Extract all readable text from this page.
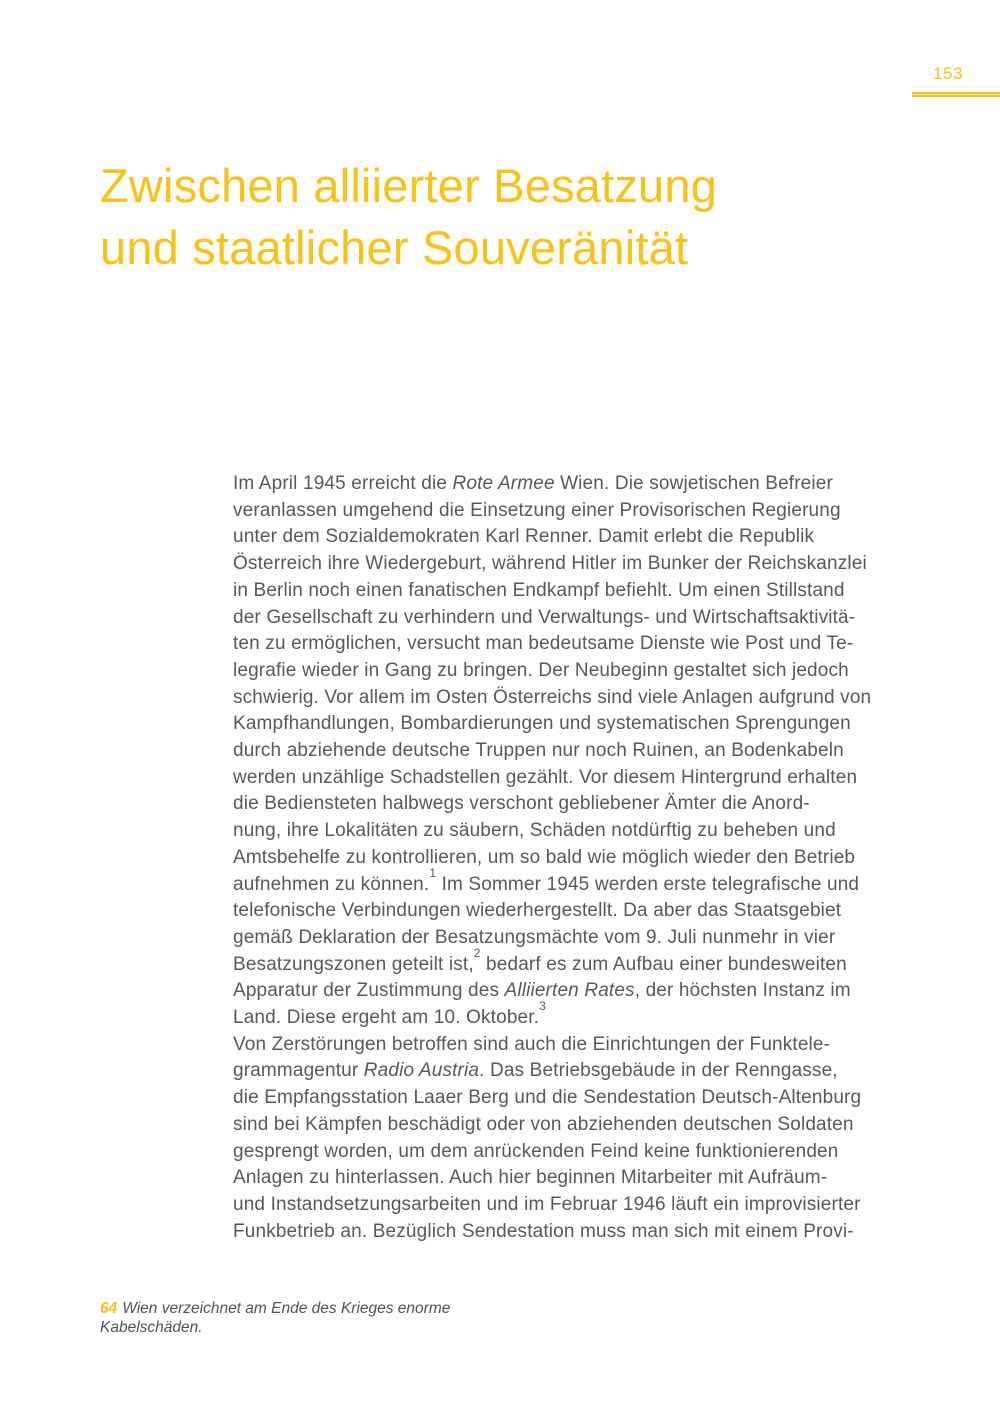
153
Zwischen alliierter Besatzung
und staatlicher Souveränität
Im April 1945 erreicht die Rote Armee Wien. Die sowjetischen Befreier
veranlassen umgehend die Einsetzung einer Provisorischen Regierung
unter dem Sozialdemokraten Karl Renner. Damit erlebt die Republik
Österreich ihre Wiedergeburt, während Hitler im Bunker der Reichskanzlei
in Berlin noch einen fanatischen Endkampf befiehlt. Um einen Stillstand
der Gesellschaft zu verhindern und Verwaltungs- und Wirtschaftsaktivitä-
ten zu ermöglichen, versucht man bedeutsame Dienste wie Post und Te-
legrafie wieder in Gang zu bringen. Der Neubeginn gestaltet sich jedoch
schwierig. Vor allem im Osten Österreichs sind viele Anlagen aufgrund von
Kampfhandlungen, Bombardierungen und systematischen Sprengungen
durch abziehende deutsche Truppen nur noch Ruinen, an Bodenkabeln
werden unzählige Schadstellen gezählt. Vor diesem Hintergrund erhalten
die Bediensteten halbwegs verschont gebliebener Ämter die Anord-
nung, ihre Lokalitäten zu säubern, Schäden notdürftig zu beheben und
Amtsbehelfe zu kontrollieren, um so bald wie möglich wieder den Betrieb
aufnehmen zu können.$^1$ Im Sommer 1945 werden erste telegrafische und
telefonische Verbindungen wiederhergestellt. Da aber das Staatsgebiet
gemäß Deklaration der Besatzungsmächte vom 9. Juli nunmehr in vier
Besatzungszonen geteilt ist,$^2$ bedarf es zum Aufbau einer bundesweiten
Apparatur der Zustimmung des Alliierten Rates, der höchsten Instanz im
Land. Diese ergeht am 10. Oktober.$^3$
Von Zerstörungen betroffen sind auch die Einrichtungen der Funktele-
grammagentur Radio Austria. Das Betriebsgebäude in der Renngasse,
die Empfangsstation Laaer Berg und die Sendestation Deutsch-Altenburg
sind bei Kämpfen beschädigt oder von abziehenden deutschen Soldaten
gesprengt worden, um dem anrückenden Feind keine funktionierenden
Anlagen zu hinterlassen. Auch hier beginnen Mitarbeiter mit Aufräum-
und Instandsetzungsarbeiten und im Februar 1946 läuft ein improvisierter
Funkbetrieb an. Bezüglich Sendestation muss man sich mit einem Provi-
64 Wien verzeichnet am Ende des Krieges enorme
Kabelschäden.
